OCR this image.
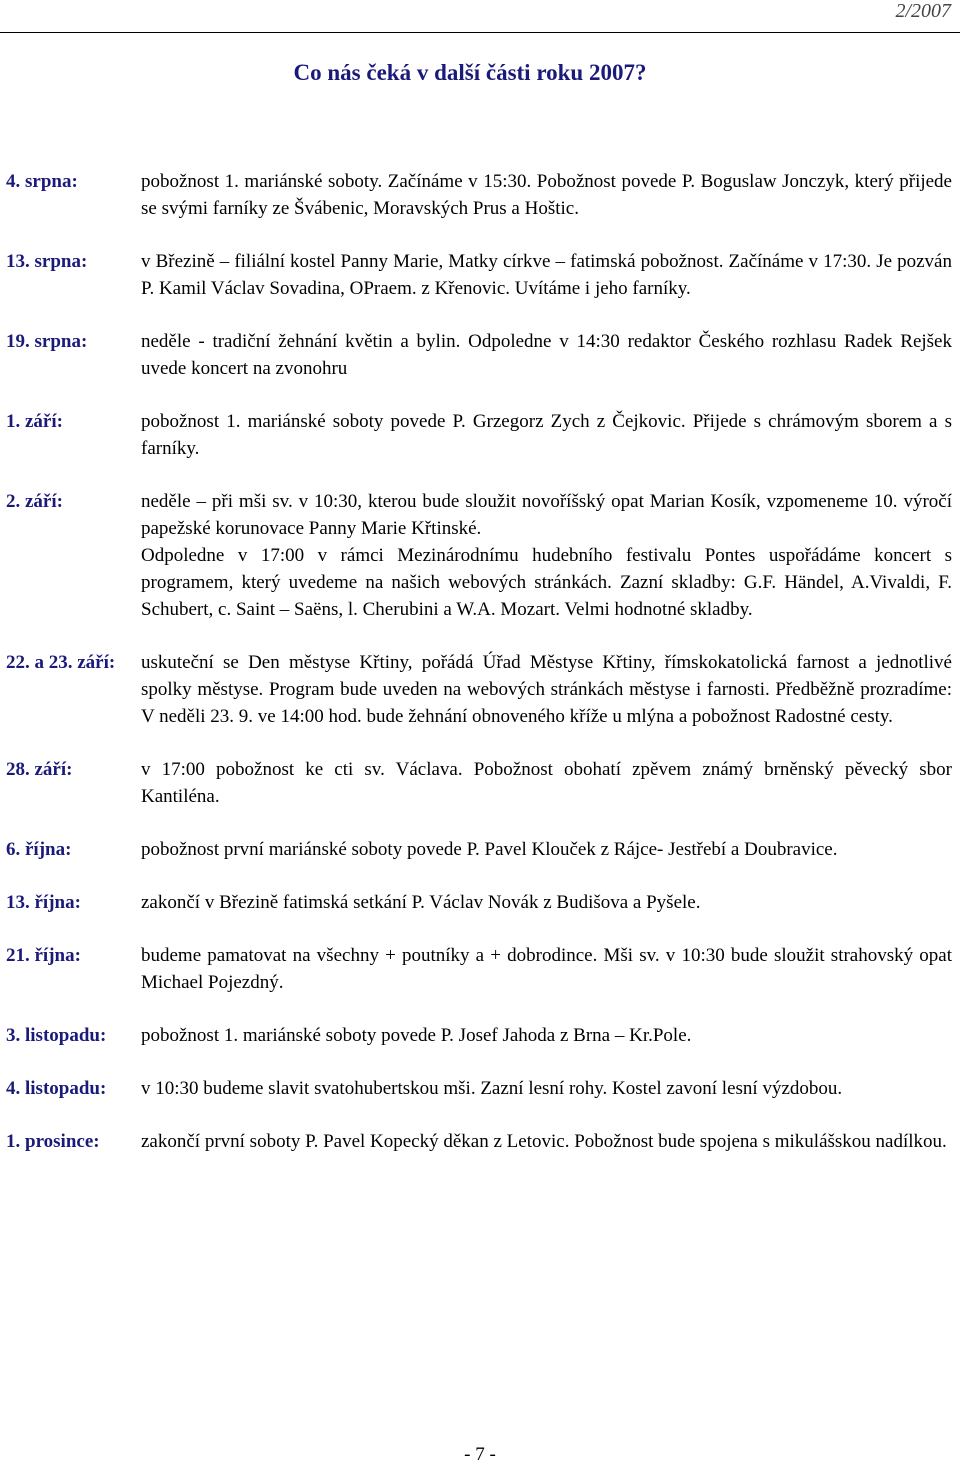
2/2007
Co nás čeká v další části roku 2007?
4. srpna:	pobožnost 1. mariánské soboty. Začínáme v 15:30. Pobožnost povede P. Boguslaw Jonczyk, který přijede se svými farníky ze Švábenic, Moravských Prus a Hoštic.
13. srpna:	v Březině – filiální kostel Panny Marie, Matky církve – fatimská pobožnost. Začínáme v 17:30. Je pozván P. Kamil Václav Sovadina, OPraem. z Křenovic. Uvítáme i jeho farníky.
19. srpna:	neděle - tradiční žehnání květin a bylin. Odpoledne v 14:30 redaktor Českého rozhlasu Radek Rejšek uvede koncert na zvonohru
1. září:	pobožnost 1. mariánské soboty povede P. Grzegorz Zych z Čejkovic. Přijede s chrámovým sborem a s farníky.
2. září:	neděle – při mši sv. v 10:30, kterou bude sloužit novoříšský opat Marian Kosík, vzpomeneme 10. výročí papežské korunovace Panny Marie Křtinské.
Odpoledne v 17:00 v rámci Mezinárodnímu hudebního festivalu Pontes uspořádáme koncert s programem, který uvedeme na našich webových stránkách. Zazní skladby: G.F. Händel, A.Vivaldi, F. Schubert, c. Saint – Saëns, l. Cherubini a W.A. Mozart. Velmi hodnotné skladby.
22. a 23. září:	uskuteční se Den městyse Křtiny, pořádá Úřad Městyse Křtiny, římskokatolická farnost a jednotlivé spolky městyse. Program bude uveden na webových stránkách městyse i farnosti. Předběžně prozradíme: V neděli 23. 9. ve 14:00 hod. bude žehnání obnoveného kříže u mlýna a pobožnost Radostné cesty.
28. září:	v 17:00 pobožnost ke cti sv. Václava. Pobožnost obohatí zpěvem známý brněnský pěvecký sbor Kantiléna.
6. října:	pobožnost první mariánské soboty povede P. Pavel Klouček z Rájce- Jestřebí a Doubravice.
13. října:	zakončí v Březině fatimská setkání P. Václav Novák z Budišova a Pyšele.
21. října:	budeme pamatovat na všechny + poutníky a + dobrodince. Mši sv. v 10:30 bude sloužit strahovský opat Michael Pojezdný.
3. listopadu:	pobožnost 1. mariánské soboty povede P. Josef Jahoda z Brna – Kr.Pole.
4. listopadu:	v 10:30 budeme slavit svatohubertskou mši. Zazní lesní rohy. Kostel zavoní lesní výzdobou.
1. prosince:	zakončí první soboty P. Pavel Kopecký děkan z Letovic. Pobožnost bude spojena s mikulášskou nadílkou.
- 7 -
